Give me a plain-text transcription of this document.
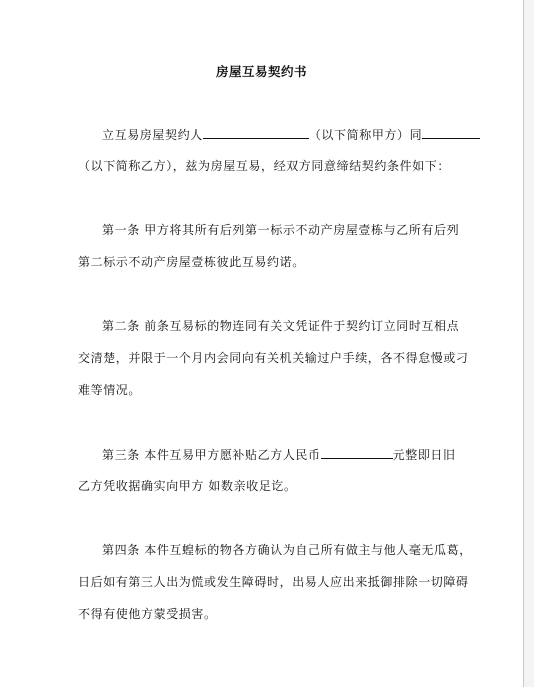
房屋互易契约书
立互易房屋契约人	（以下简称甲方）同
（以下简称乙方），兹为房屋互易，经双方同意缔结契约条件如下：
第一条 甲方将其所有后列第一标示不动产房屋壹栋与乙所有后列
第二标示不动产房屋壹栋彼此互易约诺。
第二条 前条互易标的物连同有关文凭证件于契约订立同时互相点
交清楚，并限于一个月内会同向有关机关输过户手续，各不得怠慢或刁
难等情况。
第三条 本件互易甲方愿补贴乙方人民币	元整即日旧
乙方凭收据确实向甲方 如数亲收足讫。
第四条 本件互蝗标的物各方确认为自己所有做主与他人毫无瓜葛，
日后如有第三人出为慌或发生障碍时，出易人应出来抵御排除一切障碍
不得有使他方蒙受损害。
